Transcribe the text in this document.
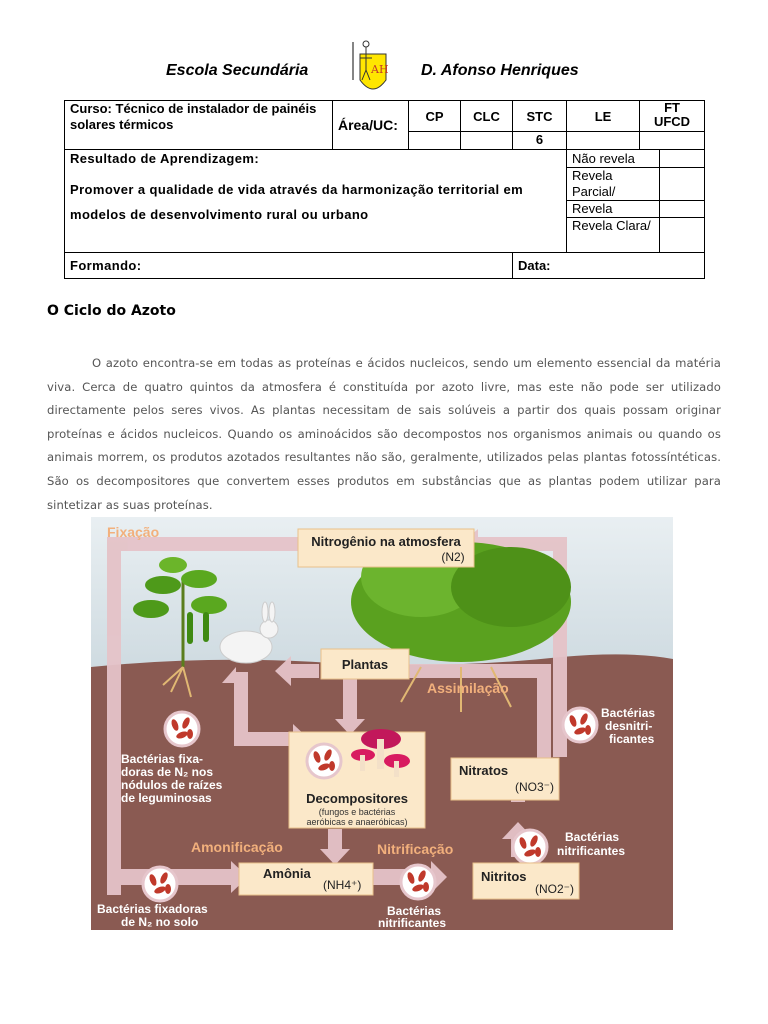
Escola Secundária	AH D. Afonso Henriques
Curso: Técnico de instalador de painéis solares térmicos	Área/UC:	CP	CLC	STC	LE	FT UFCD	
				6			

Resultado de Aprendizagem:
Promover a qualidade de vida através da harmonização territorial em modelos de desenvolvimento rural ou urbano					Não revela		
					Revela Parcial/		
					Revela		
					Revela Clara/		
Formando:				Data:			
O Ciclo do Azoto
O azoto encontra-se em todas as proteínas e ácidos nucleicos, sendo um elemento essencial da matéria viva. Cerca de quatro quintos da atmosfera é constituída por azoto livre, mas este não pode ser utilizado directamente pelos seres vivos. As plantas necessitam de sais solúveis a partir dos quais possam originar proteínas e ácidos nucleicos. Quando os aminoácidos são decompostos nos organismos animais ou quando os animais morrem, os produtos azotados resultantes não são, geralmente, utilizados pelas plantas fotossíntéticas. São os decompositores que convertem esses produtos em substâncias que as plantas podem utilizar para sintetizar as suas proteínas.
Fixação
Nitrogênio na atmosfera
(N2)
Plantas
Assimilação
Bactérias
desnitri-
ficantes
Bactérias fixa-
doras de N₂ nos
nódulos de raízes
de leguminosas	Decompositores
(fungos e bactérias
aeróbicas e anaeróbicas)
Nitratos
(NO3⁻)
Bactérias
nitrificantes
Amonificação	Nitrificação
Amônia
(NH4⁺)
Nitritos
(NO2⁻)
Bactérias fixadoras
de N₂ no solo
Bactérias
nitrificantes
